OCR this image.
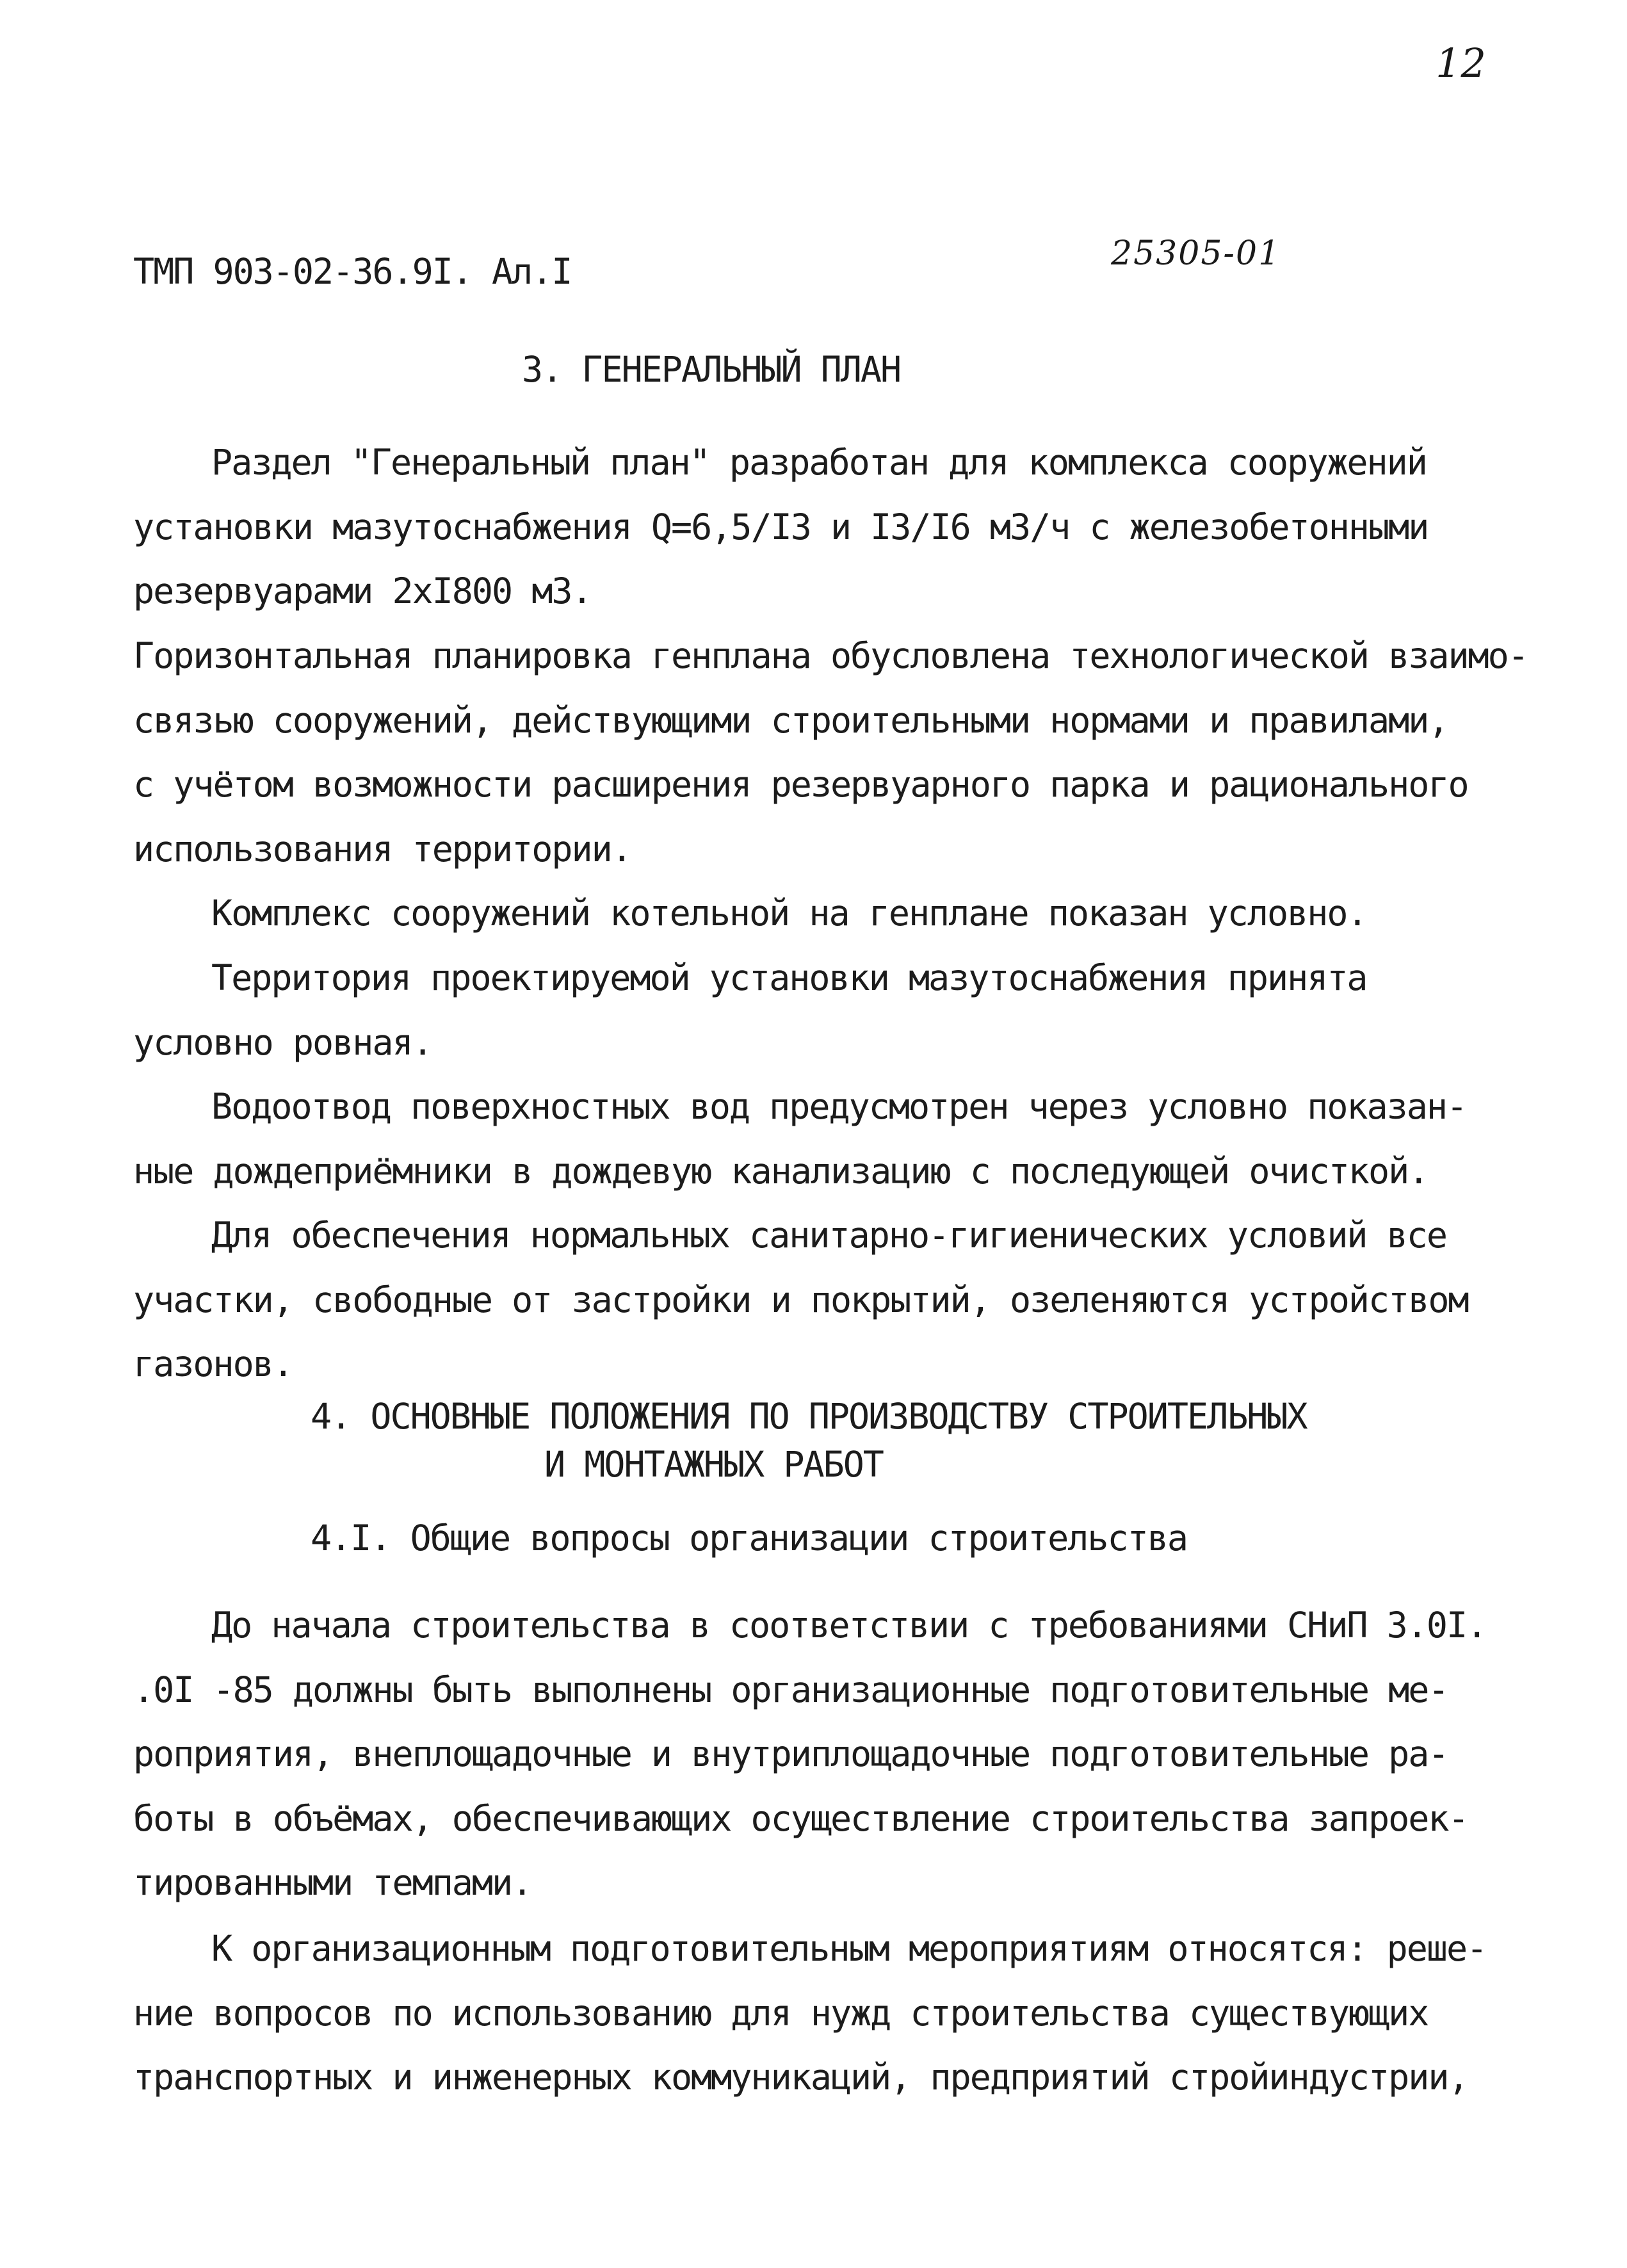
12
ТМП 903-02-36.9I. Ал.I	25305-01
3. ГЕНЕРАЛЬНЫЙ ПЛАН
Раздел "Генеральный план" разработан для комплекса сооружений
установки мазутоснабжения Q=6,5/I3 и I3/I6 м3/ч с железобетонными
резервуарами 2хI800 м3.
Горизонтальная планировка генплана обусловлена технологической взаимо-
связью сооружений, действующими строительными нормами и правилами,
с учётом возможности расширения резервуарного парка и рационального
использования территории.
Комплекс сооружений котельной на генплане показан условно.
Территория проектируемой установки мазутоснабжения принята
условно ровная.
Водоотвод поверхностных вод предусмотрен через условно показан-
ные дождеприёмники в дождевую канализацию с последующей очисткой.
Для обеспечения нормальных санитарно-гигиенических условий все
участки, свободные от застройки и покрытий, озеленяются устройством
газонов.
4. ОСНОВНЫЕ ПОЛОЖЕНИЯ ПО ПРОИЗВОДСТВУ СТРОИТЕЛЬНЫХ
И МОНТАЖНЫХ РАБОТ
4.I. Общие вопросы организации строительства
До начала строительства в соответствии с требованиями СНиП 3.0I.
.0I -85 должны быть выполнены организационные подготовительные ме-
роприятия, внеплощадочные и внутриплощадочные подготовительные ра-
боты в объёмах, обеспечивающих осуществление строительства запроек-
тированными темпами.
К организационным подготовительным мероприятиям относятся: реше-
ние вопросов по использованию для нужд строительства существующих
транспортных и инженерных коммуникаций, предприятий стройиндустрии,
